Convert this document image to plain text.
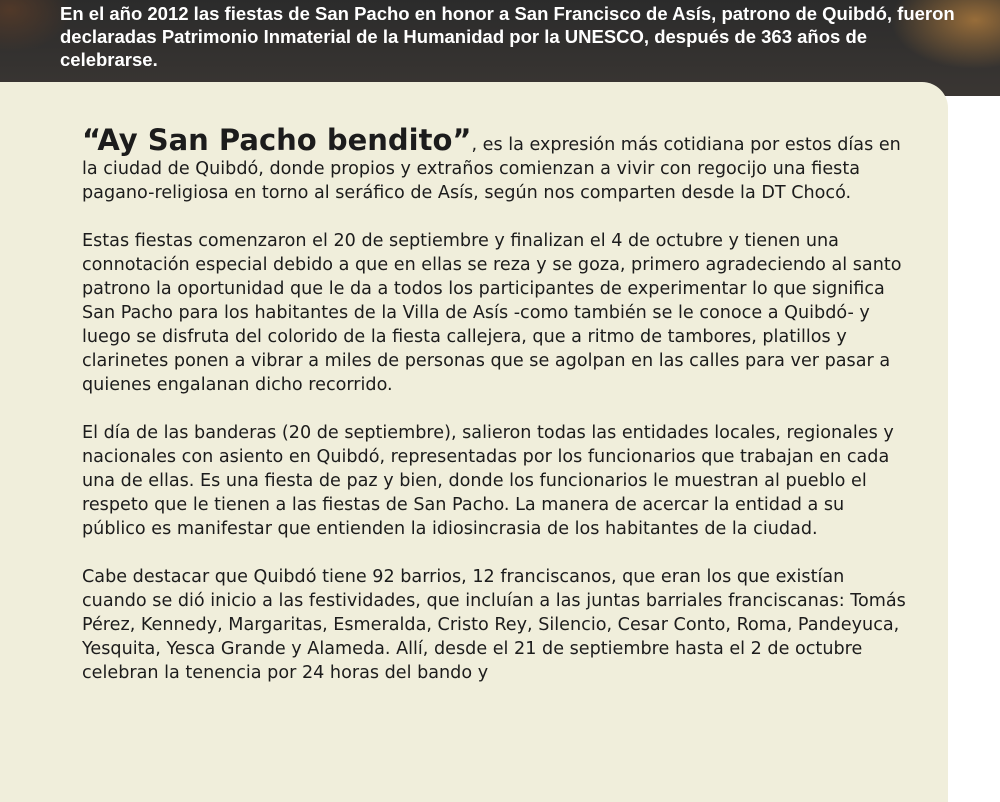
En el año 2012 las fiestas de San Pacho en honor a San Francisco de Asís, patrono de Quibdó, fueron declaradas Patrimonio Inmaterial de la Humanidad por la UNESCO, después de 363 años de celebrarse.

“Ay San Pacho bendito”, es la expresión más cotidiana por estos días en la ciudad de Quibdó, donde propios y extraños comienzan a vivir con regocijo una fiesta pagano-religiosa en torno al seráfico de Asís, según nos comparten desde la DT Chocó.

Estas fiestas comenzaron el 20 de septiembre y finalizan el 4 de octubre y tienen una connotación especial debido a que en ellas se reza y se goza, primero agradeciendo al santo patrono la oportunidad que le da a todos los participantes de experimentar lo que significa San Pacho para los habitantes de la Villa de Asís -como también se le conoce a Quibdó- y luego se disfruta del colorido de la fiesta callejera, que a ritmo de tambores, platillos y clarinetes ponen a vibrar a miles de personas que se agolpan en las calles para ver pasar a quienes engalanan dicho recorrido.

El día de las banderas (20 de septiembre), salieron todas las entidades locales, regionales y nacionales con asiento en Quibdó, representadas por los funcionarios que trabajan en cada una de ellas. Es una fiesta de paz y bien, donde los funcionarios le muestran al pueblo el respeto que le tienen a las fiestas de San Pacho. La manera de acercar la entidad a su público es manifestar que entienden la idiosincrasia de los habitantes de la ciudad.

Cabe destacar que Quibdó tiene 92 barrios, 12 franciscanos, que eran los que existían cuando se dió inicio a las festividades, que incluían a las juntas barriales franciscanas: Tomás Pérez, Kennedy, Margaritas, Esmeralda, Cristo Rey, Silencio, Cesar Conto, Roma, Pandeyuca, Yesquita, Yesca Grande y Alameda. Allí, desde el 21 de septiembre hasta el 2 de octubre celebran la tenencia por 24 horas del bando y
